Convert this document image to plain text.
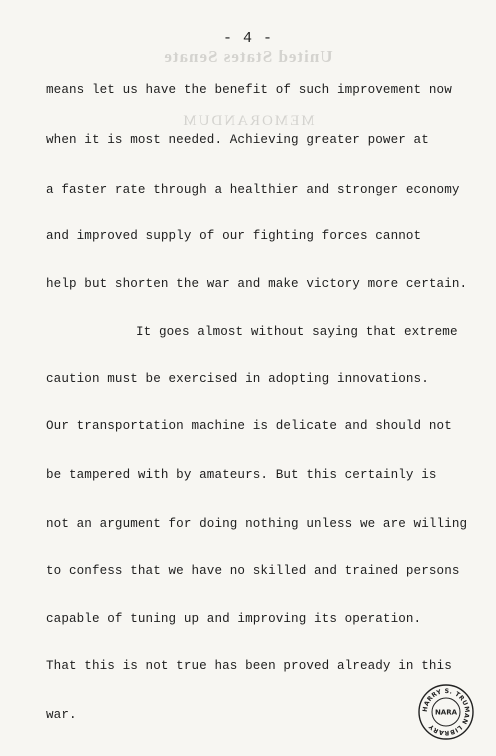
United States Senate
MEMORANDUM
- 4 -
means let us have the benefit of such improvement now
when it is most needed. Achieving greater power at
a faster rate through a healthier and stronger economy
and improved supply of our fighting forces cannot
help but shorten the war and make victory more certain.
It goes almost without saying that extreme
caution must be exercised in adopting innovations.
Our transportation machine is delicate and should not
be tampered with by amateurs. But this certainly is
not an argument for doing nothing unless we are willing
to confess that we have no skilled and trained persons
capable of tuning up and improving its operation.
That this is not true has been proved already in this
war.	HARRY S. TRUMAN LIBRARY
NARA
